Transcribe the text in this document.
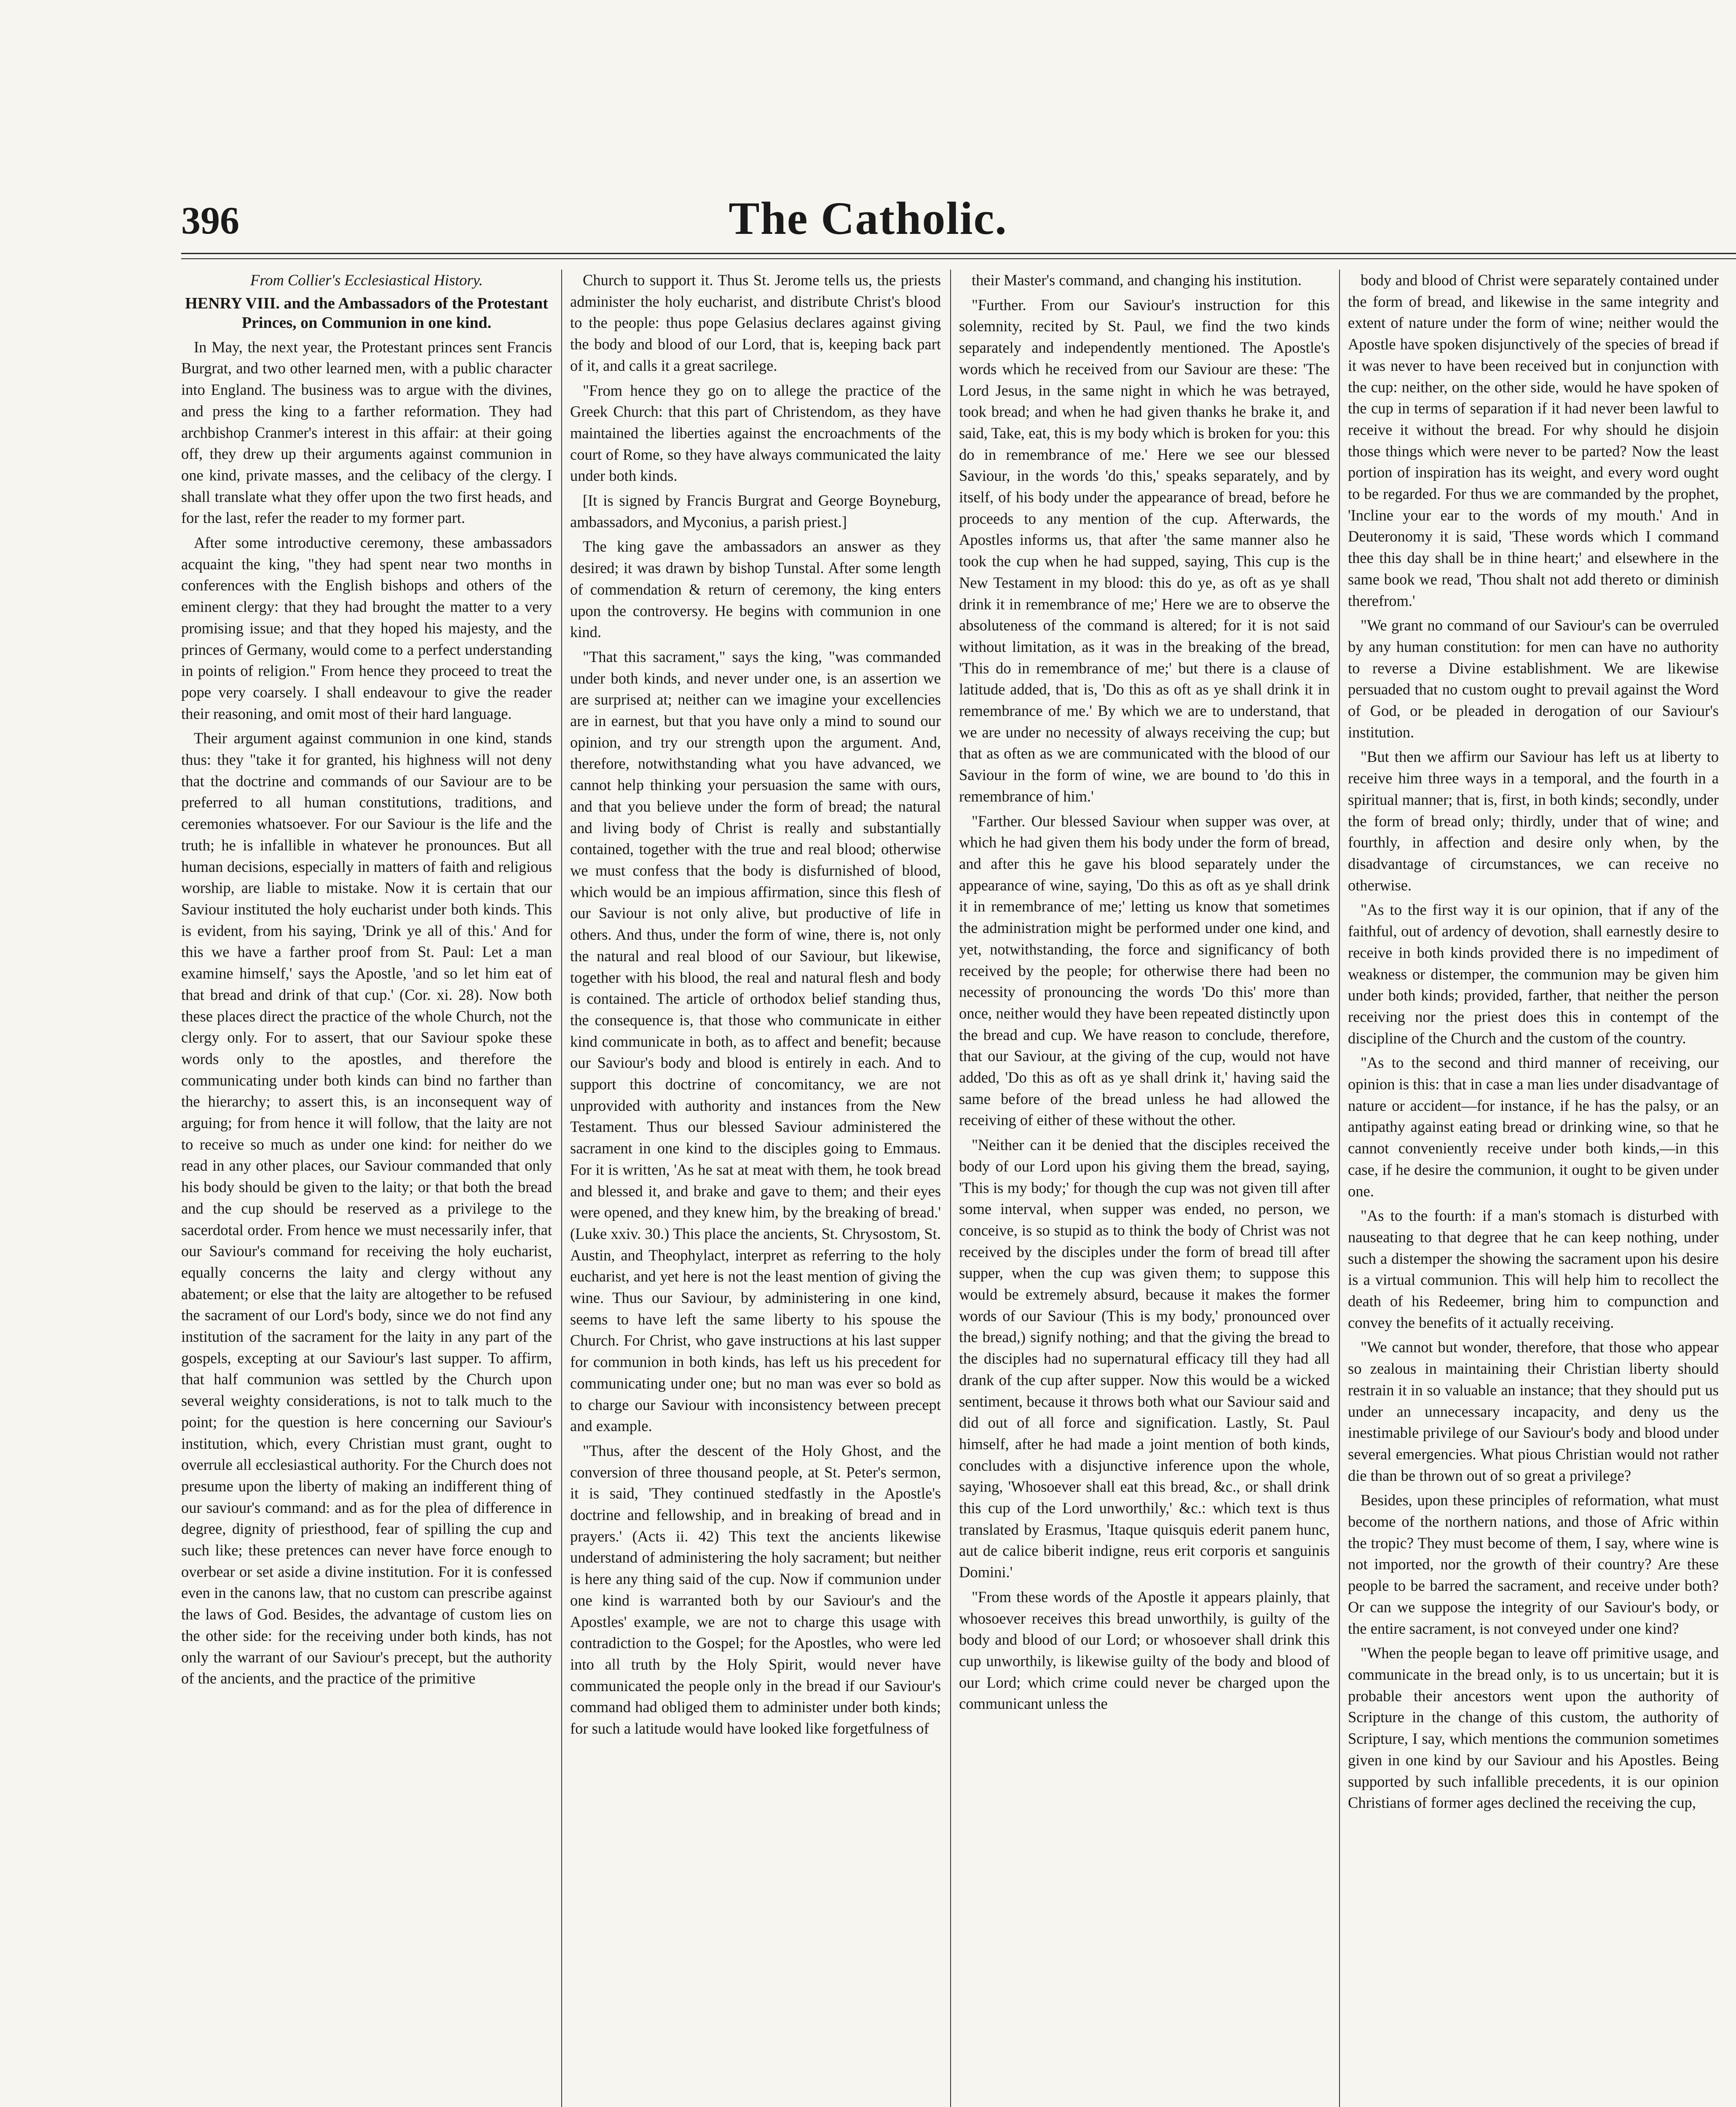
396	The Catholic.
From Collier's Ecclesiastical History.
HENRY VIII. and the Ambassadors of the Protestant Princes, on Communion in one kind.

In May, the next year, the Protestant princes sent Francis Burgrat, and two other learned men, with a public character into England. The business was to argue with the divines, and press the king to a farther reformation. They had archbishop Cranmer's interest in this affair: at their going off, they drew up their arguments against communion in one kind, private masses, and the celibacy of the clergy. I shall translate what they offer upon the two first heads, and for the last, refer the reader to my former part.

After some introductive ceremony, these ambassadors acquaint the king, "they had spent near two months in conferences with the English bishops and others of the eminent clergy: that they had brought the matter to a very promising issue; and that they hoped his majesty, and the princes of Germany, would come to a perfect understanding in points of religion." From hence they proceed to treat the pope very coarsely. I shall endeavour to give the reader their reasoning, and omit most of their hard language.

Their argument against communion in one kind, stands thus: they "take it for granted, his highness will not deny that the doctrine and commands of our Saviour are to be preferred to all human constitutions, traditions, and ceremonies whatsoever. For our Saviour is the life and the truth; he is infallible in whatever he pronounces. But all human decisions, especially in matters of faith and religious worship, are liable to mistake. Now it is certain that our Saviour instituted the holy eucharist under both kinds. This is evident, from his saying, 'Drink ye all of this.' And for this we have a farther proof from St. Paul: Let a man examine himself,' says the Apostle, 'and so let him eat of that bread and drink of that cup.' (Cor. xi. 28). Now both these places direct the practice of the whole Church, not the clergy only. For to assert, that our Saviour spoke these words only to the apostles, and therefore the communicating under both kinds can bind no farther than the hierarchy; to assert this, is an inconsequent way of arguing; for from hence it will follow, that the laity are not to receive so much as under one kind: for neither do we read in any other places, our Saviour commanded that only his body should be given to the laity; or that both the bread and the cup should be reserved as a privilege to the sacerdotal order. From hence we must necessarily infer, that our Saviour's command for receiving the holy eucharist, equally concerns the laity and clergy without any abatement; or else that the laity are altogether to be refused the sacrament of our Lord's body, since we do not find any institution of the sacrament for the laity in any part of the gospels, excepting at our Saviour's last supper. To affirm, that half communion was settled by the Church upon several weighty considerations, is not to talk much to the point; for the question is here concerning our Saviour's institution, which, every Christian must grant, ought to overrule all ecclesiastical authority. For the Church does not presume upon the liberty of making an indifferent thing of our saviour's command: and as for the plea of difference in degree, dignity of priesthood, fear of spilling the cup and such like; these pretences can never have force enough to overbear or set aside a divine institution. For it is confessed even in the canons law, that no custom can prescribe against the laws of God. Besides, the advantage of custom lies on the other side: for the receiving under both kinds, has not only the warrant of our Saviour's precept, but the authority of the ancients, and the practice of the primitive

Church to support it. Thus St. Jerome tells us, the priests administer the holy eucharist, and distribute Christ's blood to the people: thus pope Gelasius declares against giving the body and blood of our Lord, that is, keeping back part of it, and calls it a great sacrilege.

"From hence they go on to allege the practice of the Greek Church: that this part of Christendom, as they have maintained the liberties against the encroachments of the court of Rome, so they have always communicated the laity under both kinds.

[It is signed by Francis Burgrat and George Boyneburg, ambassadors, and Myconius, a parish priest.]

The king gave the ambassadors an answer as they desired; it was drawn by bishop Tunstal. After some length of commendation & return of ceremony, the king enters upon the controversy. He begins with communion in one kind.

"That this sacrament," says the king, "was commanded under both kinds, and never under one, is an assertion we are surprised at; neither can we imagine your excellencies are in earnest, but that you have only a mind to sound our opinion, and try our strength upon the argument. And, therefore, notwithstanding what you have advanced, we cannot help thinking your persuasion the same with ours, and that you believe under the form of bread; the natural and living body of Christ is really and substantially contained, together with the true and real blood; otherwise we must confess that the body is disfurnished of blood, which would be an impious affirmation, since this flesh of our Saviour is not only alive, but productive of life in others. And thus, under the form of wine, there is, not only the natural and real blood of our Saviour, but likewise, together with his blood, the real and natural flesh and body is contained. The article of orthodox belief standing thus, the consequence is, that those who communicate in either kind communicate in both, as to affect and benefit; because our Saviour's body and blood is entirely in each. And to support this doctrine of concomitancy, we are not unprovided with authority and instances from the New Testament. Thus our blessed Saviour administered the sacrament in one kind to the disciples going to Emmaus. For it is written, 'As he sat at meat with them, he took bread and blessed it, and brake and gave to them; and their eyes were opened, and they knew him, by the breaking of bread.' (Luke xxiv. 30.) This place the ancients, St. Chrysostom, St. Austin, and Theophylact, interpret as referring to the holy eucharist, and yet here is not the least mention of giving the wine. Thus our Saviour, by administering in one kind, seems to have left the same liberty to his spouse the Church. For Christ, who gave instructions at his last supper for communion in both kinds, has left us his precedent for communicating under one; but no man was ever so bold as to charge our Saviour with inconsistency between precept and example.

"Thus, after the descent of the Holy Ghost, and the conversion of three thousand people, at St. Peter's sermon, it is said, 'They continued stedfastly in the Apostle's doctrine and fellowship, and in breaking of bread and in prayers.' (Acts ii. 42) This text the ancients likewise understand of administering the holy sacrament; but neither is here any thing said of the cup. Now if communion under one kind is warranted both by our Saviour's and the Apostles' example, we are not to charge this usage with contradiction to the Gospel; for the Apostles, who were led into all truth by the Holy Spirit, would never have communicated the people only in the bread if our Saviour's command had obliged them to administer under both kinds; for such a latitude would have looked like forgetfulness of

their Master's command, and changing his institution.

"Further. From our Saviour's instruction for this solemnity, recited by St. Paul, we find the two kinds separately and independently mentioned. The Apostle's words which he received from our Saviour are these: 'The Lord Jesus, in the same night in which he was betrayed, took bread; and when he had given thanks he brake it, and said, Take, eat, this is my body which is broken for you: this do in remembrance of me.' Here we see our blessed Saviour, in the words 'do this,' speaks separately, and by itself, of his body under the appearance of bread, before he proceeds to any mention of the cup. Afterwards, the Apostles informs us, that after 'the same manner also he took the cup when he had supped, saying, This cup is the New Testament in my blood: this do ye, as oft as ye shall drink it in remembrance of me;' Here we are to observe the absoluteness of the command is altered; for it is not said without limitation, as it was in the breaking of the bread, 'This do in remembrance of me;' but there is a clause of latitude added, that is, 'Do this as oft as ye shall drink it in remembrance of me.' By which we are to understand, that we are under no necessity of always receiving the cup; but that as often as we are communicated with the blood of our Saviour in the form of wine, we are bound to 'do this in remembrance of him.'

"Farther. Our blessed Saviour when supper was over, at which he had given them his body under the form of bread, and after this he gave his blood separately under the appearance of wine, saying, 'Do this as oft as ye shall drink it in remembrance of me;' letting us know that sometimes the administration might be performed under one kind, and yet, notwithstanding, the force and significancy of both received by the people; for otherwise there had been no necessity of pronouncing the words 'Do this' more than once, neither would they have been repeated distinctly upon the bread and cup. We have reason to conclude, therefore, that our Saviour, at the giving of the cup, would not have added, 'Do this as oft as ye shall drink it,' having said the same before of the bread unless he had allowed the receiving of either of these without the other.

"Neither can it be denied that the disciples received the body of our Lord upon his giving them the bread, saying, 'This is my body;' for though the cup was not given till after some interval, when supper was ended, no person, we conceive, is so stupid as to think the body of Christ was not received by the disciples under the form of bread till after supper, when the cup was given them; to suppose this would be extremely absurd, because it makes the former words of our Saviour (This is my body,' pronounced over the bread,) signify nothing; and that the giving the bread to the disciples had no supernatural efficacy till they had all drank of the cup after supper. Now this would be a wicked sentiment, because it throws both what our Saviour said and did out of all force and signification. Lastly, St. Paul himself, after he had made a joint mention of both kinds, concludes with a disjunctive inference upon the whole, saying, 'Whosoever shall eat this bread, &c., or shall drink this cup of the Lord unworthily,' &c.: which text is thus translated by Erasmus, 'Itaque quisquis ederit panem hunc, aut de calice biberit indigne, reus erit corporis et sanguinis Domini.'

"From these words of the Apostle it appears plainly, that whosoever receives this bread unworthily, is guilty of the body and blood of our Lord; or whosoever shall drink this cup unworthily, is likewise guilty of the body and blood of our Lord; which crime could never be charged upon the communicant unless the

body and blood of Christ were separately contained under the form of bread, and likewise in the same integrity and extent of nature under the form of wine; neither would the Apostle have spoken disjunctively of the species of bread if it was never to have been received but in conjunction with the cup: neither, on the other side, would he have spoken of the cup in terms of separation if it had never been lawful to receive it without the bread. For why should he disjoin those things which were never to be parted? Now the least portion of inspiration has its weight, and every word ought to be regarded. For thus we are commanded by the prophet, 'Incline your ear to the words of my mouth.' And in Deuteronomy it is said, 'These words which I command thee this day shall be in thine heart;' and elsewhere in the same book we read, 'Thou shalt not add thereto or diminish therefrom.'

"We grant no command of our Saviour's can be overruled by any human constitution: for men can have no authority to reverse a Divine establishment. We are likewise persuaded that no custom ought to prevail against the Word of God, or be pleaded in derogation of our Saviour's institution.

"But then we affirm our Saviour has left us at liberty to receive him three ways in a temporal, and the fourth in a spiritual manner; that is, first, in both kinds; secondly, under the form of bread only; thirdly, under that of wine; and fourthly, in affection and desire only when, by the disadvantage of circumstances, we can receive no otherwise.

"As to the first way it is our opinion, that if any of the faithful, out of ardency of devotion, shall earnestly desire to receive in both kinds provided there is no impediment of weakness or distemper, the communion may be given him under both kinds; provided, farther, that neither the person receiving nor the priest does this in contempt of the discipline of the Church and the custom of the country.

"As to the second and third manner of receiving, our opinion is this: that in case a man lies under disadvantage of nature or accident—for instance, if he has the palsy, or an antipathy against eating bread or drinking wine, so that he cannot conveniently receive under both kinds,—in this case, if he desire the communion, it ought to be given under one.

"As to the fourth: if a man's stomach is disturbed with nauseating to that degree that he can keep nothing, under such a distemper the showing the sacrament upon his desire is a virtual communion. This will help him to recollect the death of his Redeemer, bring him to compunction and convey the benefits of it actually receiving.

"We cannot but wonder, therefore, that those who appear so zealous in maintaining their Christian liberty should restrain it in so valuable an instance; that they should put us under an unnecessary incapacity, and deny us the inestimable privilege of our Saviour's body and blood under several emergencies. What pious Christian would not rather die than be thrown out of so great a privilege?

Besides, upon these principles of reformation, what must become of the northern nations, and those of Afric within the tropic? They must become of them, I say, where wine is not imported, nor the growth of their country? Are these people to be barred the sacrament, and receive under both? Or can we suppose the integrity of our Saviour's body, or the entire sacrament, is not conveyed under one kind?

"When the people began to leave off primitive usage, and communicate in the bread only, is to us uncertain; but it is probable their ancestors went upon the authority of Scripture in the change of this custom, the authority of Scripture, I say, which mentions the communion sometimes given in one kind by our Saviour and his Apostles. Being supported by such infallible precedents, it is our opinion Christians of former ages declined the receiving the cup,
